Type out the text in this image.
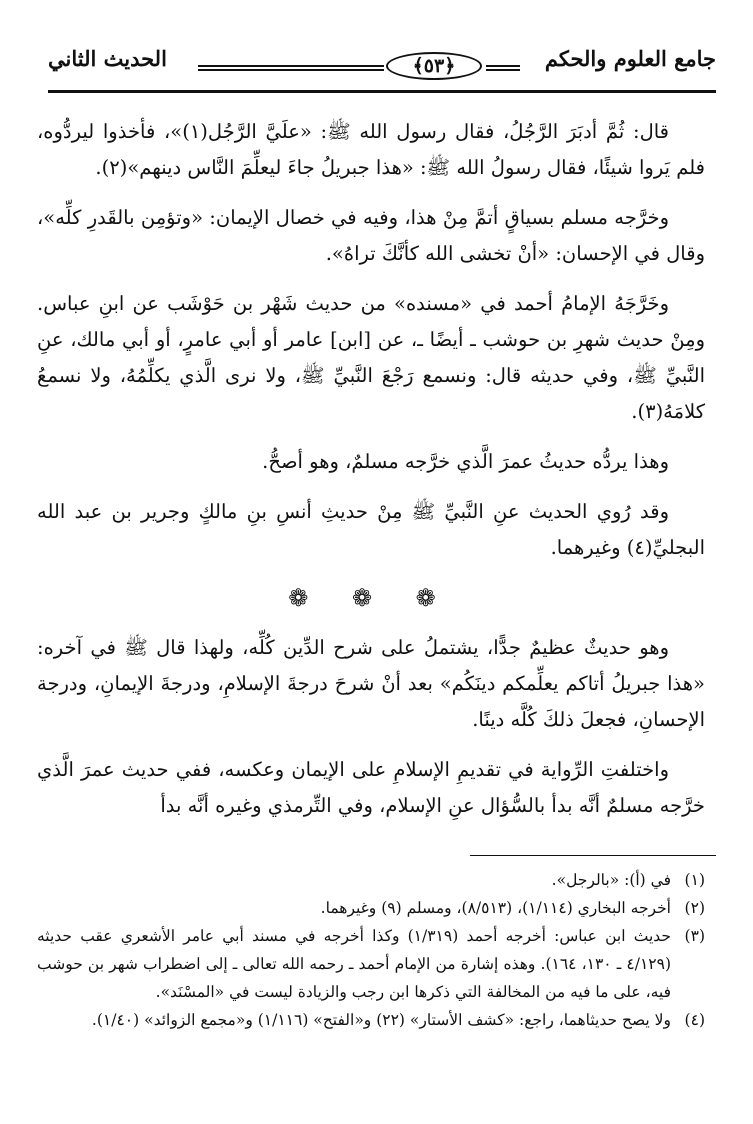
جامع العلوم والحكم
﴿٥٣﴾
الحديث الثاني

قال: ثُمَّ أدبَرَ الرَّجُلُ، فقال رسول الله ﷺ: «علَيَّ الرَّجُل(١)»، فأخذوا ليردُّوه، فلم يَروا شيئًا، فقال رسولُ الله ﷺ: «هذا جبريلُ جاءَ ليعلِّمَ النَّاس دينهم»(٢).

وخرَّجه مسلم بسياقٍ أتمَّ مِنْ هذا، وفيه في خصال الإيمان: «وتؤمِن بالقَدرِ كلِّه»، وقال في الإحسان: «أنْ تخشى الله كأنَّكَ تراهُ».

وخَرَّجَهُ الإمامُ أحمد في «مسنده» من حديث شَهْر بن حَوْشَب عن ابنِ عباس. ومِنْ حديث شهرِ بن حوشب ـ أيضًا ـ، عن [ابن] عامر أو أبي عامرٍ، أو أبي مالك، عنِ النَّبيِّ ﷺ، وفي حديثه قال: ونسمع رَجْعَ النَّبيِّ ﷺ، ولا نرى الَّذي يكلِّمُهُ، ولا نسمعُ كلامَهُ(٣).

وهذا يردُّه حديثُ عمرَ الَّذي خرَّجه مسلمٌ، وهو أصحُّ.

وقد رُوي الحديث عنِ النَّبيِّ ﷺ مِنْ حديثِ أنسِ بنِ مالكٍ وجرير بن عبد الله البجليِّ(٤) وغيرهما.

❁ ❁ ❁

وهو حديثٌ عظيمٌ جدًّا، يشتملُ على شرح الدِّين كُلِّه، ولهذا قال ﷺ في آخره: «هذا جبريلُ أتاكم يعلِّمكم دينَكُم» بعد أنْ شرحَ درجةَ الإسلامِ، ودرجةَ الإيمانِ، ودرجة الإحسانِ، فجعلَ ذلكَ كُلَّه دينًا.

واختلفتِ الرِّواية في تقديمِ الإسلامِ على الإيمان وعكسه، ففي حديث عمرَ الَّذي خرَّجه مسلمٌ أنَّه بدأ بالسُّؤال عنِ الإسلام، وفي التِّرمذي وغيره أنَّه بدأ

(١)
في (أ): «بالرجل».
(٢)
أخرجه البخاري (١/١١٤)، (٨/٥١٣)، ومسلم (٩) وغيرهما.
(٣)
حديث ابن عباس: أخرجه أحمد (١/٣١٩) وكذا أخرجه في مسند أبي عامر الأشعري عقب حديثه (٤/١٢٩ ـ ١٣٠، ١٦٤). وهذه إشارة من الإمام أحمد ـ رحمه الله تعالى ـ إلى اضطراب شهر بن حوشب فيه، على ما فيه من المخالفة التي ذكرها ابن رجب والزيادة ليست في «المسْنَد».
(٤)
ولا يصح حديثاهما، راجع: «كشف الأستار» (٢٢) و«الفتح» (١/١١٦) و«مجمع الزوائد» (١/٤٠).
